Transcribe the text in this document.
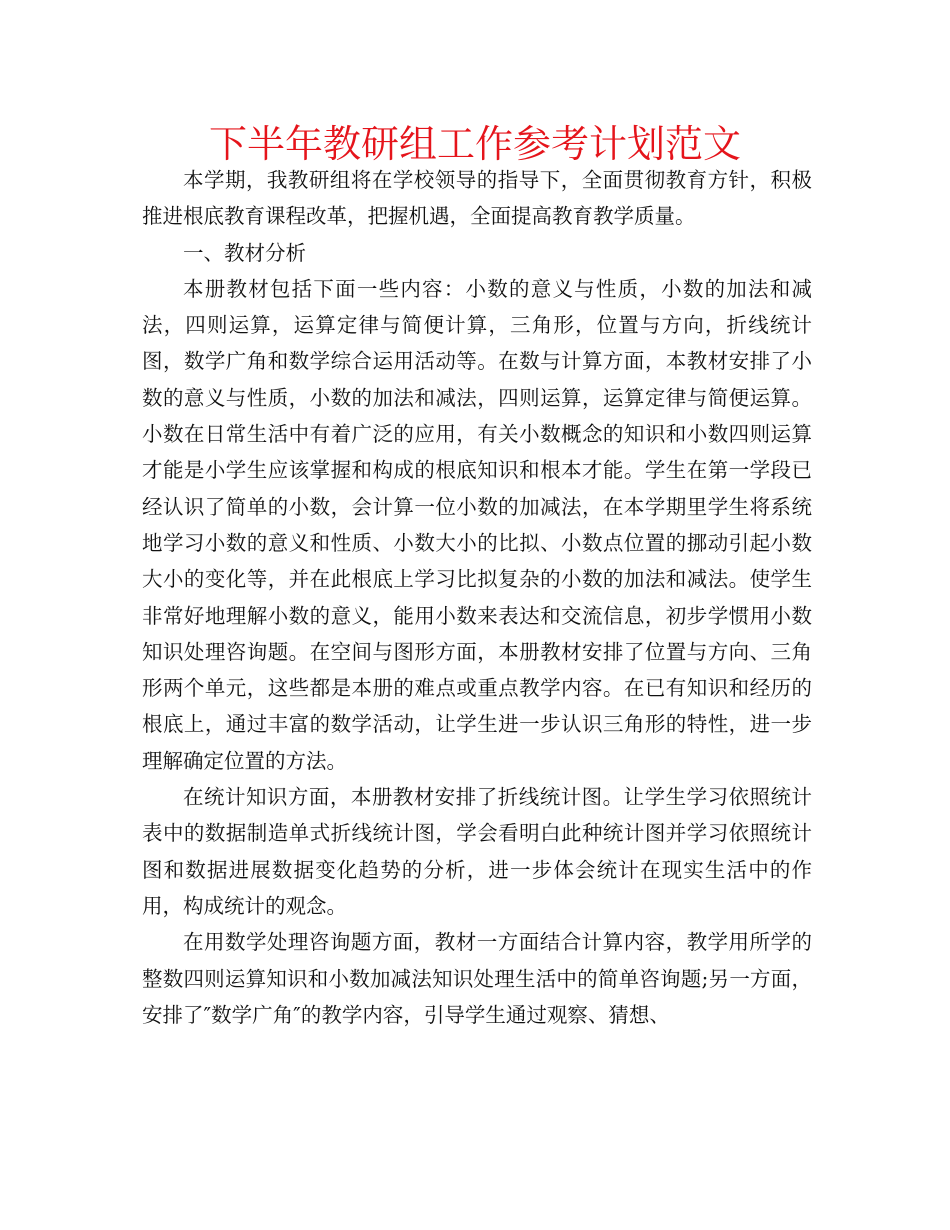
下半年教研组工作参考计划范文

本学期，我教研组将在学校领导的指导下，全面贯彻教育方针，积极推进根底教育课程改革，把握机遇，全面提高教育教学质量。

一、教材分析

本册教材包括下面一些内容：小数的意义与性质，小数的加法和减法，四则运算，运算定律与简便计算，三角形，位置与方向，折线统计图，数学广角和数学综合运用活动等。在数与计算方面，本教材安排了小数的意义与性质，小数的加法和减法，四则运算，运算定律与简便运算。小数在日常生活中有着广泛的应用，有关小数概念的知识和小数四则运算才能是小学生应该掌握和构成的根底知识和根本才能。学生在第一学段已经认识了简单的小数，会计算一位小数的加减法，在本学期里学生将系统地学习小数的意义和性质、小数大小的比拟、小数点位置的挪动引起小数大小的变化等，并在此根底上学习比拟复杂的小数的加法和减法。使学生非常好地理解小数的意义，能用小数来表达和交流信息，初步学惯用小数知识处理咨询题。在空间与图形方面，本册教材安排了位置与方向、三角形两个单元，这些都是本册的难点或重点教学内容。在已有知识和经历的根底上，通过丰富的数学活动，让学生进一步认识三角形的特性，进一步理解确定位置的方法。

在统计知识方面，本册教材安排了折线统计图。让学生学习依照统计表中的数据制造单式折线统计图，学会看明白此种统计图并学习依照统计图和数据进展数据变化趋势的分析，进一步体会统计在现实生活中的作用，构成统计的观念。

在用数学处理咨询题方面，教材一方面结合计算内容，教学用所学的整数四则运算知识和小数加减法知识处理生活中的简单咨询题;另一方面，安排了″数学广角″的教学内容，引导学生通过观察、猜想、
